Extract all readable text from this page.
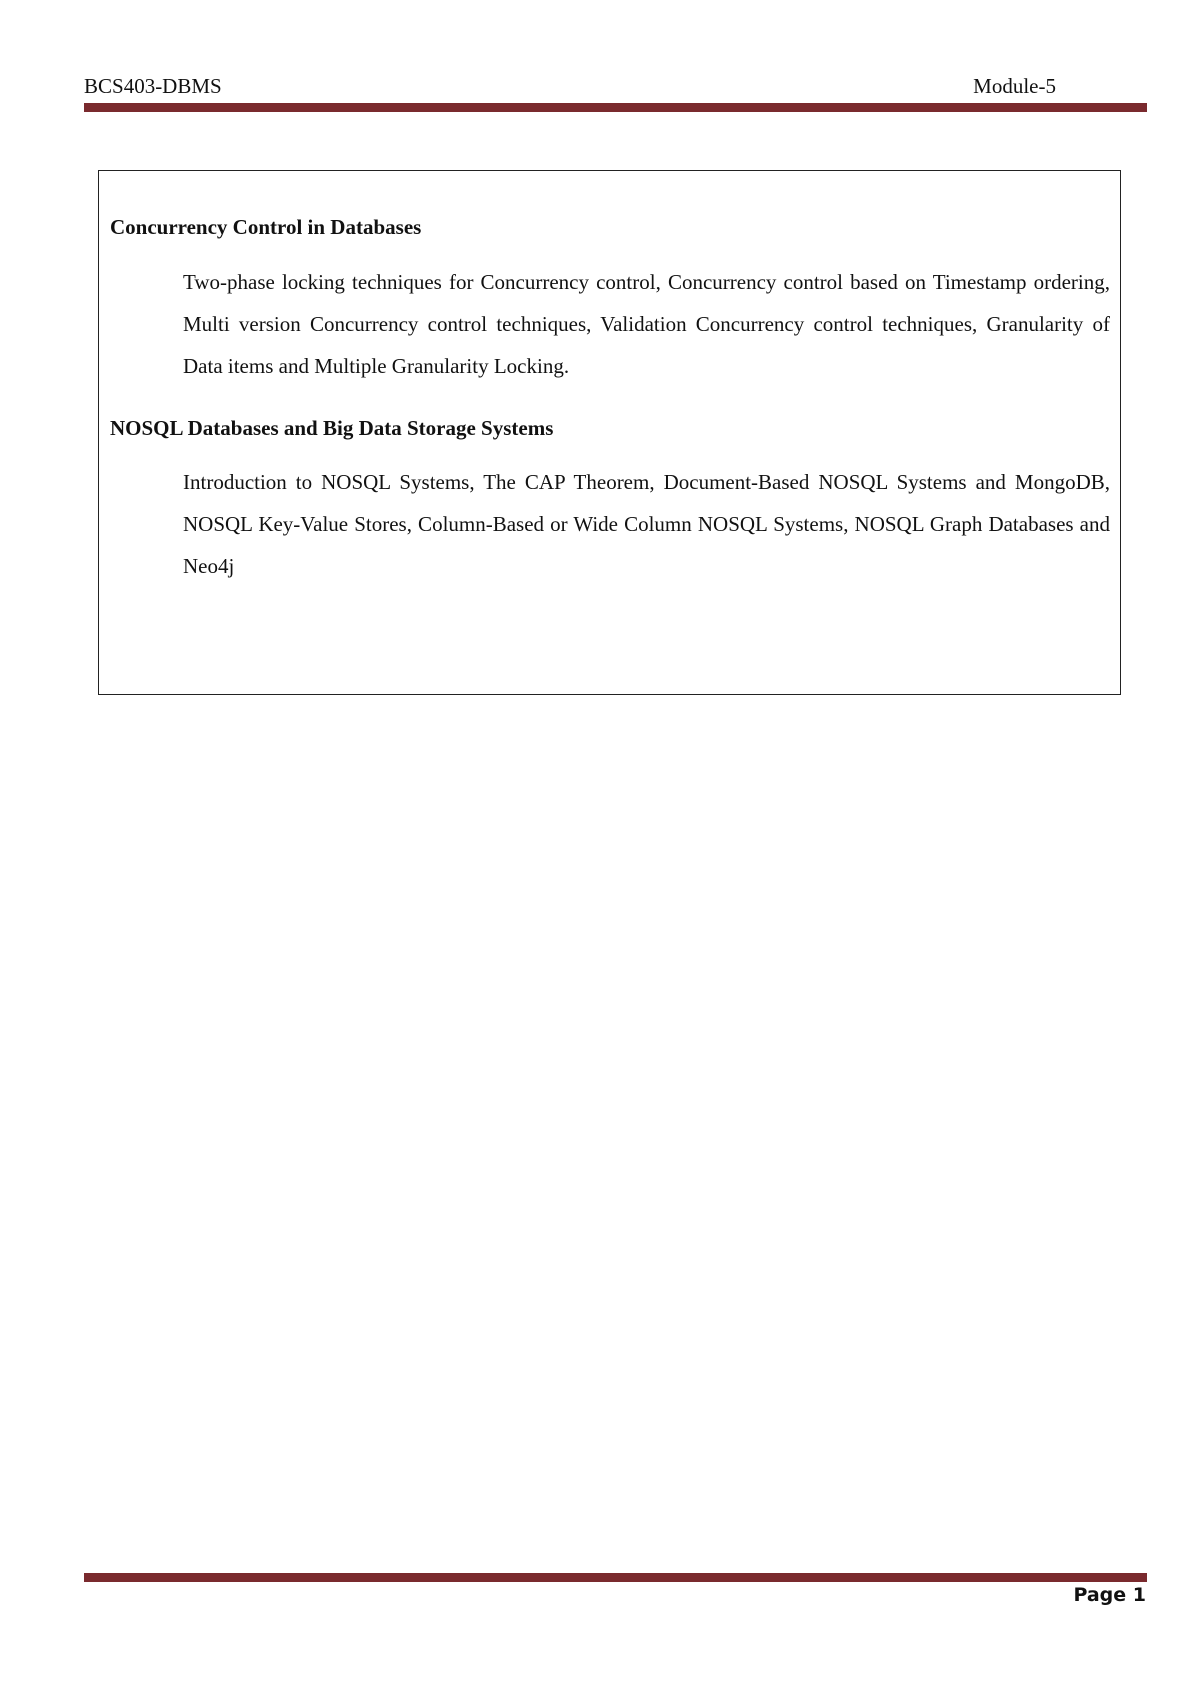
BCS403-DBMS	Module-5
Concurrency Control in Databases
Two-phase locking techniques for Concurrency control, Concurrency control based on Timestamp ordering, Multi version Concurrency control techniques, Validation Concurrency control techniques, Granularity of Data items and Multiple Granularity Locking.
NOSQL Databases and Big Data Storage Systems
Introduction to NOSQL Systems, The CAP Theorem, Document-Based NOSQL Systems and MongoDB, NOSQL Key-Value Stores, Column-Based or Wide Column NOSQL Systems, NOSQL Graph Databases and Neo4j
Page 1
